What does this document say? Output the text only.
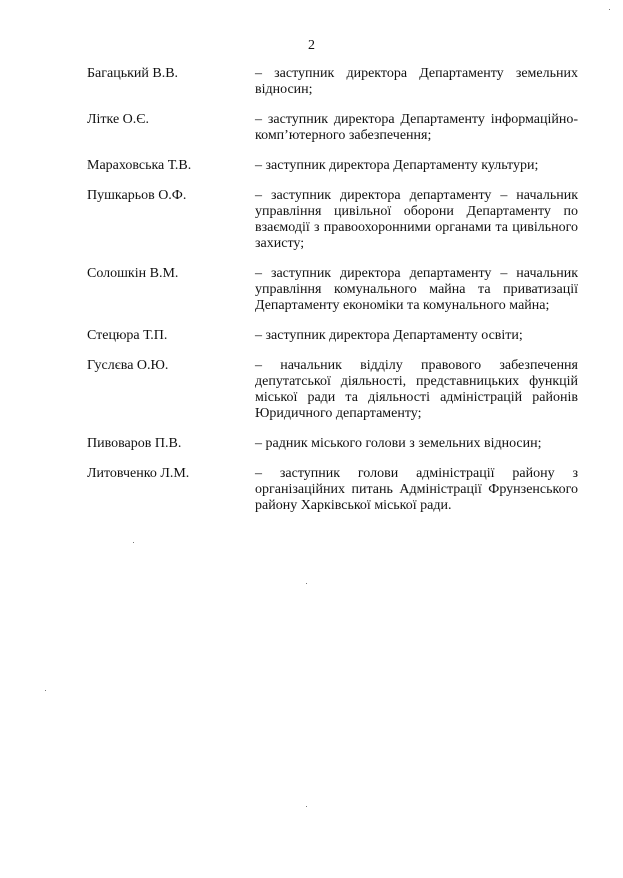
2
Багацький В.В.	– заступник директора Департаменту земельних відносин;
Літке О.Є.	– заступник директора Департаменту інформаційно-комп’ютерного забезпечення;
Мараховська Т.В.	– заступник директора Департаменту культури;
Пушкарьов О.Ф.	– заступник директора департаменту – начальник управління цивільної оборони Департаменту по взаємодії з правоохоронними органами та цивільного захисту;
Солошкін В.М.	– заступник директора департаменту – начальник управління комунального майна та приватизації Департаменту економіки та комунального майна;
Стецюра Т.П.	– заступник директора Департаменту освіти;
Гуслєва О.Ю.	– начальник відділу правового забезпечення депутатської діяльності, представницьких функцій міської ради та діяльності адміністрацій районів Юридичного департаменту;
Пивоваров П.В.	– радник міського голови з земельних відносин;
Литовченко Л.М.	– заступник голови адміністрації району з організаційних питань Адміністрації Фрунзенського району Харківської міської ради.
